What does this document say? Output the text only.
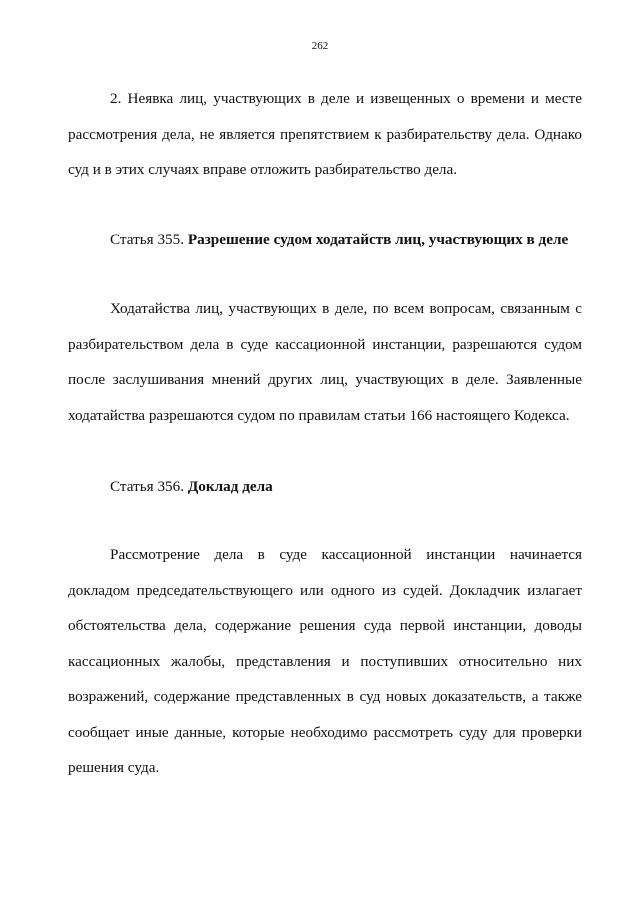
262

2. Неявка лиц, участвующих в деле и извещенных о времени и месте рассмотрения дела, не является препятствием к разбирательству дела. Однако суд и в этих случаях вправе отложить разбирательство дела.

Статья 355. Разрешение судом ходатайств лиц, участвующих в деле

Ходатайства лиц, участвующих в деле, по всем вопросам, связанным с разбирательством дела в суде кассационной инстанции, разрешаются судом после заслушивания мнений других лиц, участвующих в деле. Заявленные ходатайства разрешаются судом по правилам статьи 166 настоящего Кодекса.

Статья 356. Доклад дела

Рассмотрение дела в суде кассационной инстанции начинается докладом председательствующего или одного из судей. Докладчик излагает обстоятельства дела, содержание решения суда первой инстанции, доводы кассационных жалобы, представления и поступивших относительно них возражений, содержание представленных в суд новых доказательств, а также сообщает иные данные, которые необходимо рассмотреть суду для проверки решения суда.
